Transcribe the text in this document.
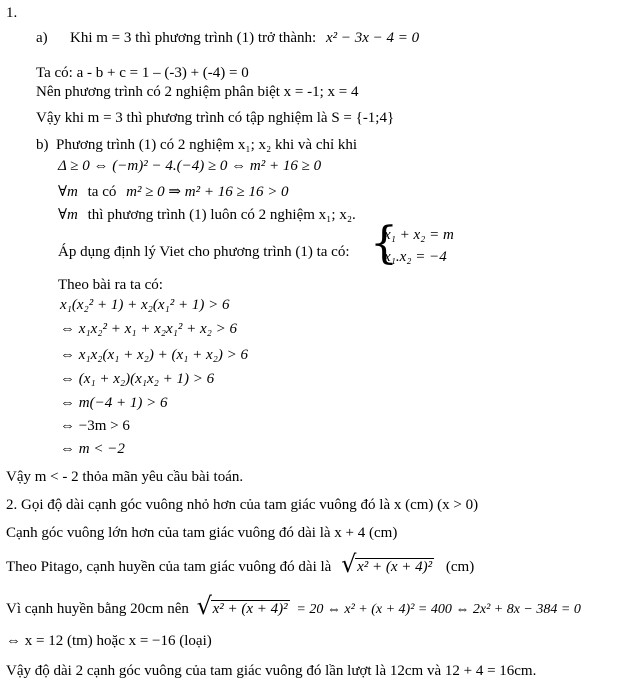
1.
a) Khi m = 3 thì phương trình (1) trở thành: x² − 3x − 4 = 0
Ta có: a - b + c = 1 – (-3) + (-4) = 0
Nên phương trình có 2 nghiệm phân biệt x = -1; x = 4
Vậy khi m = 3 thì phương trình có tập nghiệm là S = {-1;4}
b) Phương trình (1) có 2 nghiệm x₁; x₂ khi và chỉ khi
Δ ≥ 0 ⇔ (−m)² − 4.(−4) ≥ 0 ⇔ m² + 16 ≥ 0
∀m ta có m² ≥ 0 ⇒ m² + 16 ≥ 16 > 0
∀m thì phương trình (1) luôn có 2 nghiệm x₁; x₂.
Áp dụng định lý Viet cho phương trình (1) ta có: {
x₁ + x₂ = m
x₁.x₂ = −4
Theo bài ra ta có:
x₁(x₂² + 1) + x₂(x₁² + 1) > 6
⇔ x₁x₂² + x₁ + x₂x₁² + x₂ > 6
⇔ x₁x₂(x₁ + x₂) + (x₁ + x₂) > 6
⇔ (x₁ + x₂)(x₁x₂ + 1) > 6
⇔ m(−4 + 1) > 6
⇔ −3m > 6
⇔ m < −2
Vậy m < - 2 thỏa mãn yêu cầu bài toán.
2. Gọi độ dài cạnh góc vuông nhỏ hơn của tam giác vuông đó là x (cm) (x > 0)
Cạnh góc vuông lớn hơn của tam giác vuông đó dài là x + 4 (cm)
Theo Pitago, cạnh huyền của tam giác vuông đó dài là √ x² + (x + 4)² (cm)
Vì cạnh huyền bằng 20cm nên √ x² + (x + 4)² = 20 ⇔ x² + (x + 4)² = 400 ⇔ 2x² + 8x − 384 = 0
⇔ x = 12 (tm) hoặc x = −16 (loại)
Vậy độ dài 2 cạnh góc vuông của tam giác vuông đó lần lượt là 12cm và 12 + 4 = 16cm.
